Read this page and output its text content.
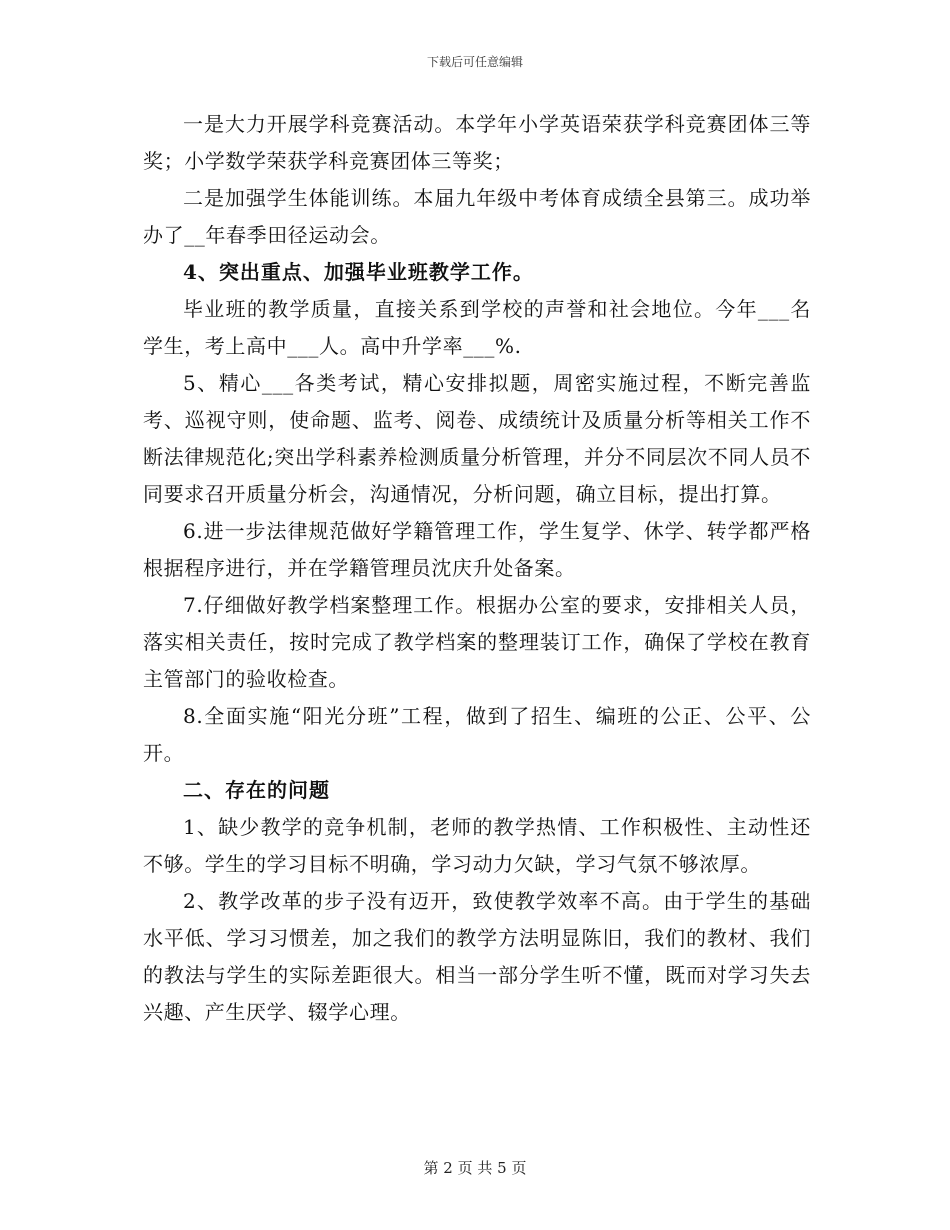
下载后可任意编辑

一是大力开展学科竞赛活动。本学年小学英语荣获学科竞赛团体三等奖；小学数学荣获学科竞赛团体三等奖；

二是加强学生体能训练。本届九年级中考体育成绩全县第三。成功举办了__年春季田径运动会。

4、突出重点、加强毕业班教学工作。

毕业班的教学质量，直接关系到学校的声誉和社会地位。今年___名学生，考上高中___人。高中升学率___%.

5、精心___各类考试，精心安排拟题，周密实施过程，不断完善监考、巡视守则，使命题、监考、阅卷、成绩统计及质量分析等相关工作不断法律规范化;突出学科素养检测质量分析管理，并分不同层次不同人员不同要求召开质量分析会，沟通情况，分析问题，确立目标，提出打算。

6.进一步法律规范做好学籍管理工作，学生复学、休学、转学都严格根据程序进行，并在学籍管理员沈庆升处备案。

7.仔细做好教学档案整理工作。根据办公室的要求，安排相关人员，落实相关责任，按时完成了教学档案的整理装订工作，确保了学校在教育主管部门的验收检查。

8.全面实施“阳光分班”工程，做到了招生、编班的公正、公平、公开。

二、存在的问题

1、缺少教学的竞争机制，老师的教学热情、工作积极性、主动性还不够。学生的学习目标不明确，学习动力欠缺，学习气氛不够浓厚。

2、教学改革的步子没有迈开，致使教学效率不高。由于学生的基础水平低、学习习惯差，加之我们的教学方法明显陈旧，我们的教材、我们的教法与学生的实际差距很大。相当一部分学生听不懂，既而对学习失去兴趣、产生厌学、辍学心理。

第 2 页 共 5 页
